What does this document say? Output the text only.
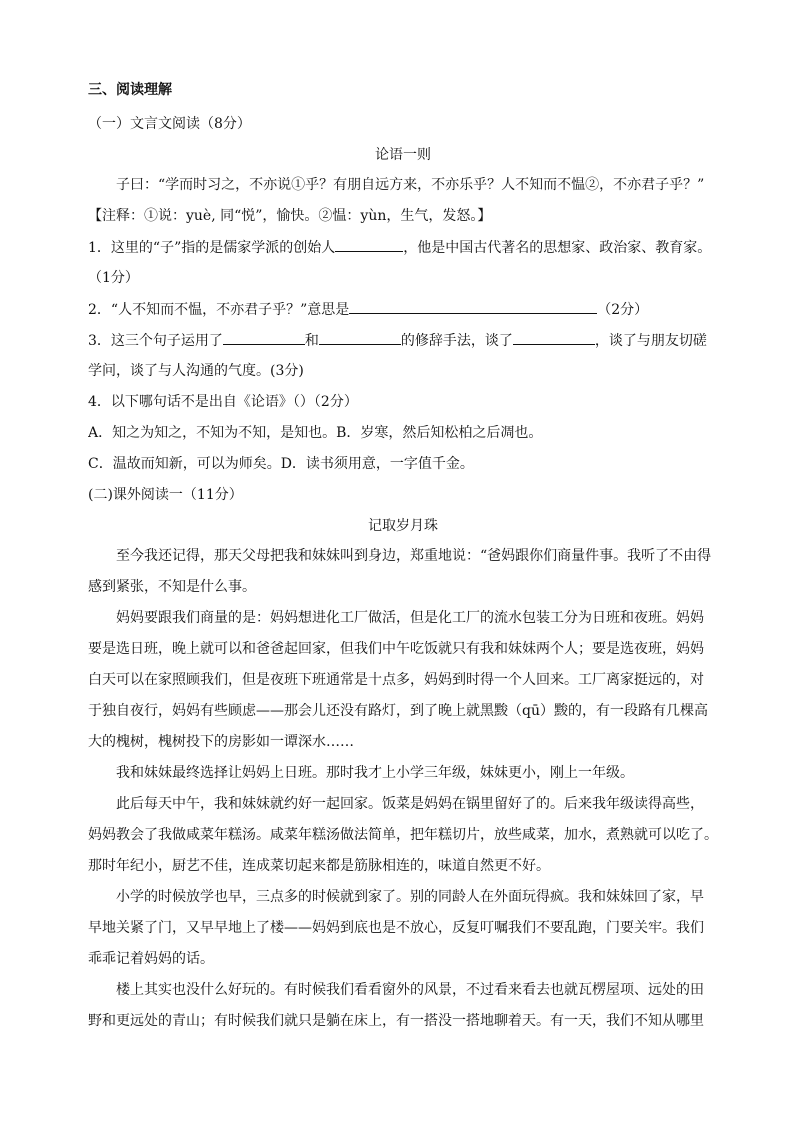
三、阅读理解
（一）文言文阅读（8分）
论语一则
子曰：“学而时习之，不亦说①乎？有朋自远方来，不亦乐乎？人不知而不愠②，不亦君子乎？”
【注释：①说：yuè, 同“悦”，愉快。②愠：yùn，生气，发怒。】
1．这里的“子”指的是儒家学派的创始人	，他是中国古代著名的思想家、政治家、教育家。
（1分）
2．“人不知而不愠，不亦君子乎？”意思是	（2分）
3．这三个句子运用了	和	的修辞手法，谈了	，谈了与朋友切磋
学问，谈了与人沟通的气度。(3分)
4．以下哪句话不是出自《论语》（）（2分）
A．知之为知之，不知为不知，是知也。B．岁寒，然后知松柏之后凋也。
C．温故而知新，可以为师矣。D．读书须用意，一字值千金。
(二)课外阅读一（11分）
记取岁月珠
至今我还记得，那天父母把我和妹妹叫到身边，郑重地说：“爸妈跟你们商量件事。我听了不由得
感到紧张，不知是什么事。
妈妈要跟我们商量的是：妈妈想进化工厂做活，但是化工厂的流水包装工分为日班和夜班。妈妈
要是选日班，晚上就可以和爸爸起回家，但我们中午吃饭就只有我和妹妹两个人；要是选夜班，妈妈
白天可以在家照顾我们，但是夜班下班通常是十点多，妈妈到时得一个人回来。工厂离家挺远的，对
于独自夜行，妈妈有些顾虑——那会儿还没有路灯，到了晚上就黑黢（qū）黢的，有一段路有几棵高
大的槐树，槐树投下的房影如一谭深水……
我和妹妹最终选择让妈妈上日班。那时我才上小学三年级，妹妹更小，刚上一年级。
此后每天中午，我和妹妹就约好一起回家。饭菜是妈妈在锅里留好了的。后来我年级读得高些，
妈妈教会了我做咸菜年糕汤。咸菜年糕汤做法简单，把年糕切片，放些咸菜，加水，煮熟就可以吃了。
那时年纪小，厨艺不佳，连成菜切起来都是筋脉相连的，味道自然更不好。
小学的时候放学也早，三点多的时候就到家了。别的同龄人在外面玩得疯。我和妹妹回了家，早
早地关紧了门，又早早地上了楼——妈妈到底也是不放心，反复叮嘱我们不要乱跑，门要关牢。我们
乖乖记着妈妈的话。
楼上其实也没什么好玩的。有时候我们看看窗外的风景，不过看来看去也就瓦楞屋项、远处的田
野和更远处的青山；有时候我们就只是躺在床上，有一搭没一搭地聊着天。有一天，我们不知从哪里
